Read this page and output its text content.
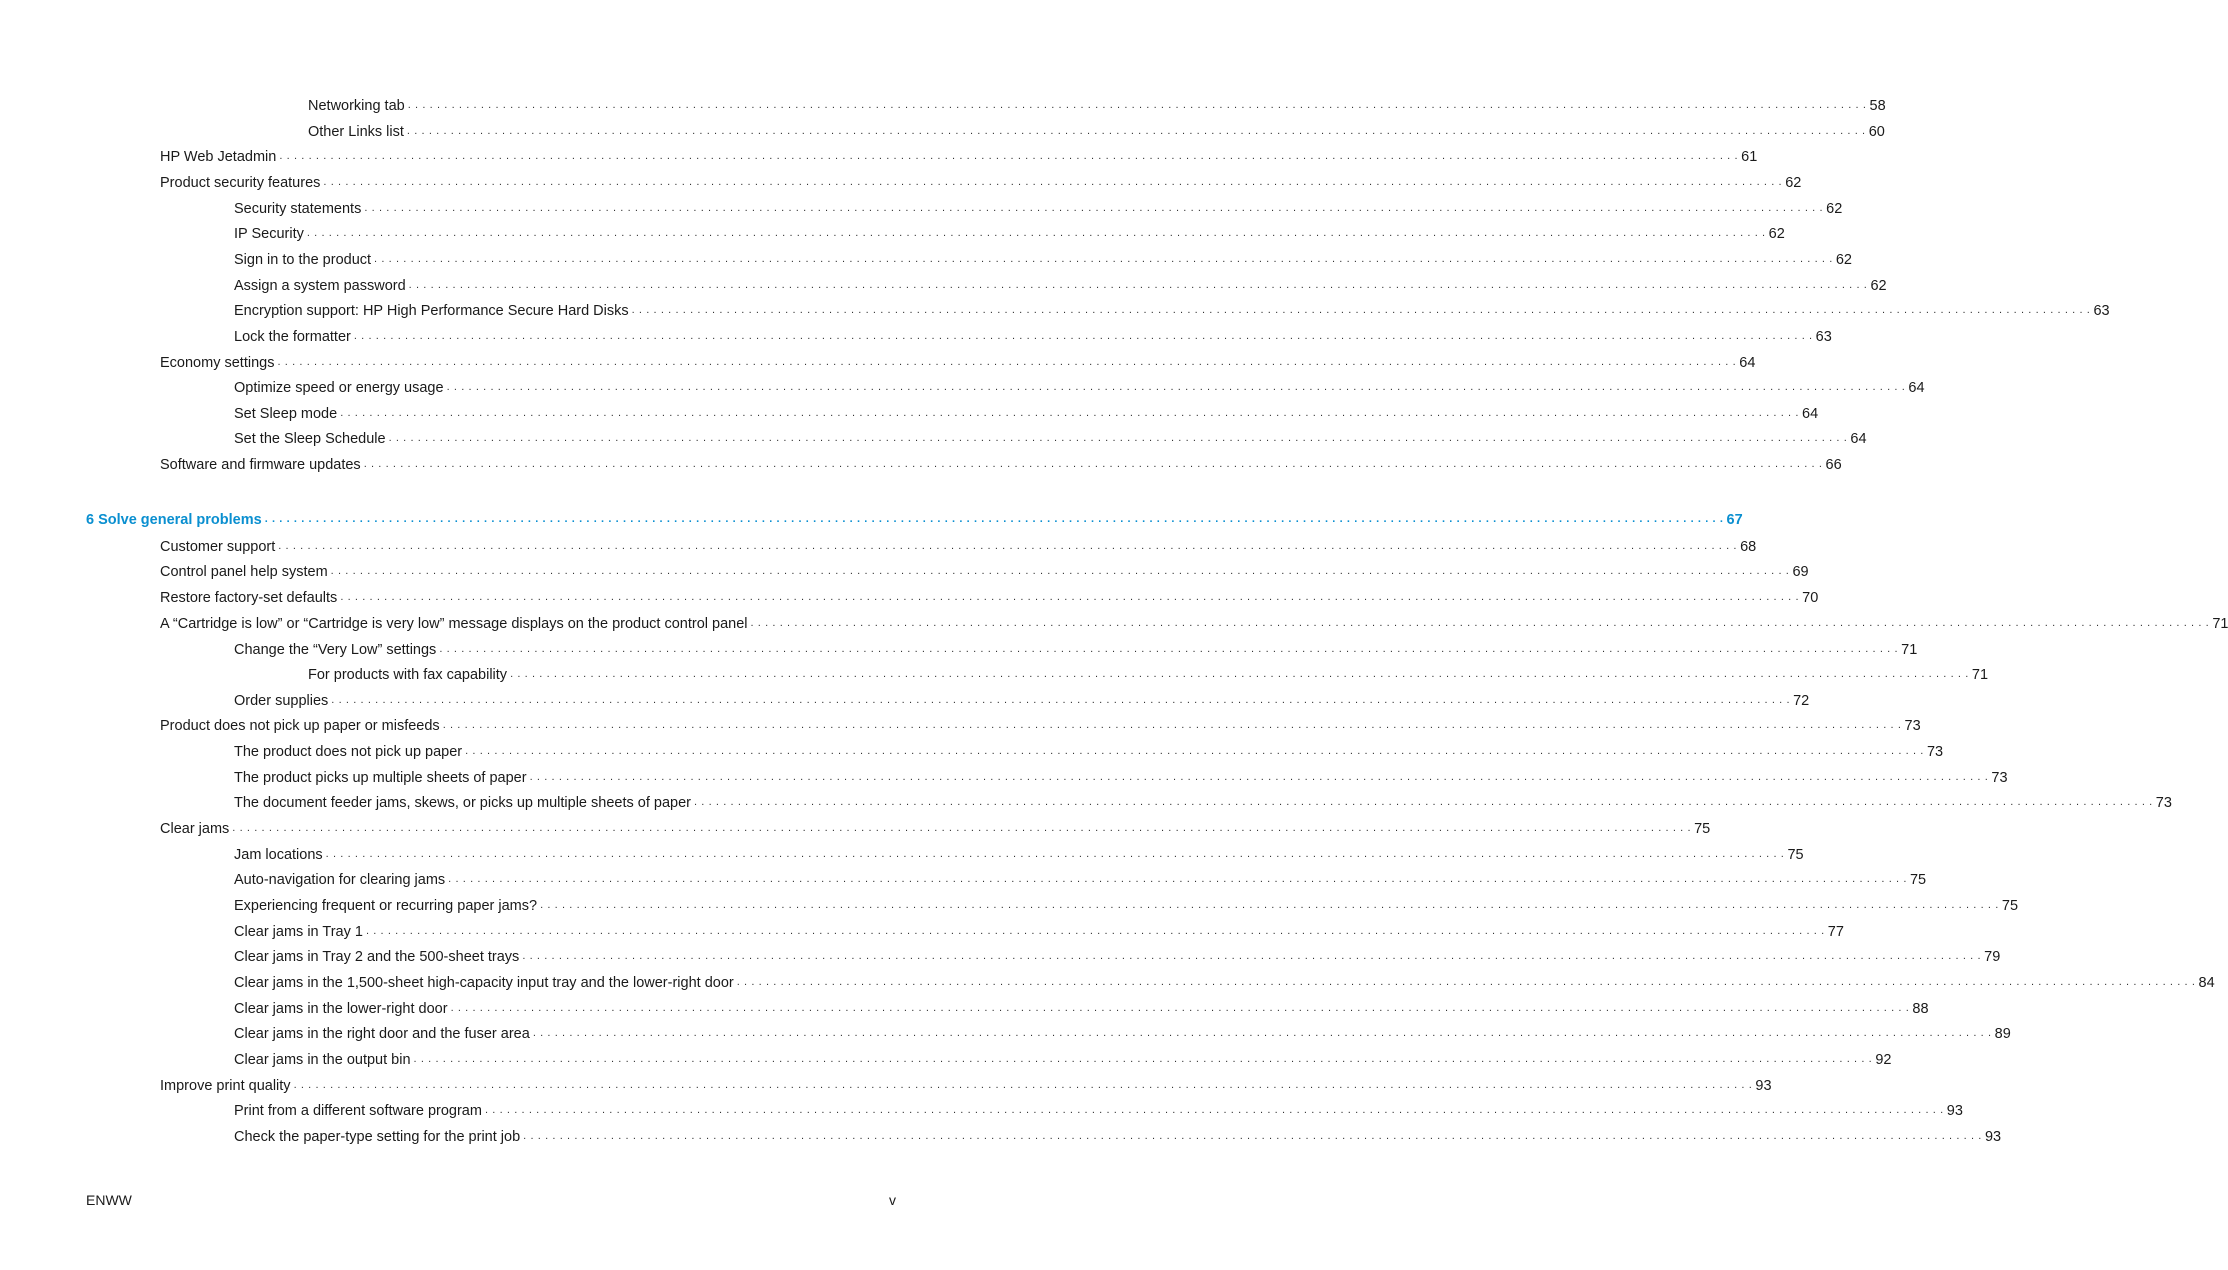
Networking tab . . . . . . . . . . . . . . . . . . . . . . . . . . . . . . . . . . . . . . . . . . . . . . . . . . . . . . . . . . . . . . . . . . . . . . . . . . . . . . . . . . . . . . . . . . . . . . . . . . . . . . . . . . . . . . . . . . . . . . . . . . . . . . . . . . . . . . . . . . . . . . . . . . . . . . . . . . . . . . . . . . . . . . . . . . . . . . . . . . . . . . . . . . . . . . . . . . . . . . . . 58
Other Links list . . . . . . . . . . . . . . . . . . . . . . . . . . . . . . . . . . . . . . . . . . . . . . . . . . . . . . . . . . . . . . . . . . . . . . . . . . . . . . . . . . . . . . . . . . . . . . . . . . . . . . . . . . . . . . . . . . . . . . . . . . . . . . . . . . . . . . . . . . . . . . . . . . . . . . . . . . . . . . . . . . . . . . . . . . . . . . . . . . . . . . . . . . . . . . . . . . . . . . . . 60
HP Web Jetadmin . . . . . . . . . . . . . . . . . . . . . . . . . . . . . . . . . . . . . . . . . . . . . . . . . . . . . . . . . . . . . . . . . . . . . . . . . . . . . . . . . . . . . . . . . . . . . . . . . . . . . . . . . . . . . . . . . . . . . . . . . . . . . . . . . . . . . . . . . . . . . . . . . . . . . . . . . . . . . . . . . . . . . . . . . . . . . . . . . . . . . . . . . . . . . . . . . . . . . . . . 61
Product security features . . . . . . . . . . . . . . . . . . . . . . . . . . . . . . . . . . . . . . . . . . . . . . . . . . . . . . . . . . . . . . . . . . . . . . . . . . . . . . . . . . . . . . . . . . . . . . . . . . . . . . . . . . . . . . . . . . . . . . . . . . . . . . . . . . . . . . . . . . . . . . . . . . . . . . . . . . . . . . . . . . . . . . . . . . . . . . . . . . . . . . . . . . . . . . . . . . . . . . . . 62
Security statements . . . . . . . . . . . . . . . . . . . . . . . . . . . . . . . . . . . . . . . . . . . . . . . . . . . . . . . . . . . . . . . . . . . . . . . . . . . . . . . . . . . . . . . . . . . . . . . . . . . . . . . . . . . . . . . . . . . . . . . . . . . . . . . . . . . . . . . . . . . . . . . . . . . . . . . . . . . . . . . . . . . . . . . . . . . . . . . . . . . . . . . . . . . . . . . . . . . . . . . . 62
IP Security . . . . . . . . . . . . . . . . . . . . . . . . . . . . . . . . . . . . . . . . . . . . . . . . . . . . . . . . . . . . . . . . . . . . . . . . . . . . . . . . . . . . . . . . . . . . . . . . . . . . . . . . . . . . . . . . . . . . . . . . . . . . . . . . . . . . . . . . . . . . . . . . . . . . . . . . . . . . . . . . . . . . . . . . . . . . . . . . . . . . . . . . . . . . . . . . . . . . . . . . 62
Sign in to the product . . . . . . . . . . . . . . . . . . . . . . . . . . . . . . . . . . . . . . . . . . . . . . . . . . . . . . . . . . . . . . . . . . . . . . . . . . . . . . . . . . . . . . . . . . . . . . . . . . . . . . . . . . . . . . . . . . . . . . . . . . . . . . . . . . . . . . . . . . . . . . . . . . . . . . . . . . . . . . . . . . . . . . . . . . . . . . . . . . . . . . . . . . . . . . . . . . . . . . . . 62
Assign a system password . . . . . . . . . . . . . . . . . . . . . . . . . . . . . . . . . . . . . . . . . . . . . . . . . . . . . . . . . . . . . . . . . . . . . . . . . . . . . . . . . . . . . . . . . . . . . . . . . . . . . . . . . . . . . . . . . . . . . . . . . . . . . . . . . . . . . . . . . . . . . . . . . . . . . . . . . . . . . . . . . . . . . . . . . . . . . . . . . . . . . . . . . . . . . . . . . . . . . . . . 62
Encryption support: HP High Performance Secure Hard Disks . . . . . . . . . . . . . . . . . . . . . . . . . . . . . . . . . . . . . . . . . . . . . . . . . . . . . . . . . . . . . . . . . . . . . . . . . . . . . . . . . . . . . . . . . . . . . . . . . . . . . . . . . . . . . . . . . . . . . . . . . . . . . . . . . . . . . . . . . . . . . . . . . . . . . . . . . . . . . . . . . . . . . . . . . . . . . . . . . . . . . . . . . . . . . . . . . . . . . . . . 63
Lock the formatter . . . . . . . . . . . . . . . . . . . . . . . . . . . . . . . . . . . . . . . . . . . . . . . . . . . . . . . . . . . . . . . . . . . . . . . . . . . . . . . . . . . . . . . . . . . . . . . . . . . . . . . . . . . . . . . . . . . . . . . . . . . . . . . . . . . . . . . . . . . . . . . . . . . . . . . . . . . . . . . . . . . . . . . . . . . . . . . . . . . . . . . . . . . . . . . . . . . . . . . . 63
Economy settings . . . . . . . . . . . . . . . . . . . . . . . . . . . . . . . . . . . . . . . . . . . . . . . . . . . . . . . . . . . . . . . . . . . . . . . . . . . . . . . . . . . . . . . . . . . . . . . . . . . . . . . . . . . . . . . . . . . . . . . . . . . . . . . . . . . . . . . . . . . . . . . . . . . . . . . . . . . . . . . . . . . . . . . . . . . . . . . . . . . . . . . . . . . . . . . . . . . . . . . . 64
Optimize speed or energy usage . . . . . . . . . . . . . . . . . . . . . . . . . . . . . . . . . . . . . . . . . . . . . . . . . . . . . . . . . . . . . . . . . . . . . . . . . . . . . . . . . . . . . . . . . . . . . . . . . . . . . . . . . . . . . . . . . . . . . . . . . . . . . . . . . . . . . . . . . . . . . . . . . . . . . . . . . . . . . . . . . . . . . . . . . . . . . . . . . . . . . . . . . . . . . . . . . . . . . . . . 64
Set Sleep mode . . . . . . . . . . . . . . . . . . . . . . . . . . . . . . . . . . . . . . . . . . . . . . . . . . . . . . . . . . . . . . . . . . . . . . . . . . . . . . . . . . . . . . . . . . . . . . . . . . . . . . . . . . . . . . . . . . . . . . . . . . . . . . . . . . . . . . . . . . . . . . . . . . . . . . . . . . . . . . . . . . . . . . . . . . . . . . . . . . . . . . . . . . . . . . . . . . . . . . . . 64
Set the Sleep Schedule . . . . . . . . . . . . . . . . . . . . . . . . . . . . . . . . . . . . . . . . . . . . . . . . . . . . . . . . . . . . . . . . . . . . . . . . . . . . . . . . . . . . . . . . . . . . . . . . . . . . . . . . . . . . . . . . . . . . . . . . . . . . . . . . . . . . . . . . . . . . . . . . . . . . . . . . . . . . . . . . . . . . . . . . . . . . . . . . . . . . . . . . . . . . . . . . . . . . . . . . 64
Software and firmware updates . . . . . . . . . . . . . . . . . . . . . . . . . . . . . . . . . . . . . . . . . . . . . . . . . . . . . . . . . . . . . . . . . . . . . . . . . . . . . . . . . . . . . . . . . . . . . . . . . . . . . . . . . . . . . . . . . . . . . . . . . . . . . . . . . . . . . . . . . . . . . . . . . . . . . . . . . . . . . . . . . . . . . . . . . . . . . . . . . . . . . . . . . . . . . . . . . . . . . . . . 66
6 Solve general problems . . . . . . . . . . . . . . . . . . . . . . . . . . . . . . . . . . . . . . . . . . . . . . . . . . . . . . . . . . . . . . . . . . . . . . . . . . . . . . . . . . . . . . . . . . . . . . . . . . . . . . . . . . . . . . . . . . . . . . . . . . . . . . . . . . . . . . . . . . . . . . . . . . . . . . . . . . . . . . . . . . . . . . . . . . . . . . . . . . . . . . . . . . . . . . . . . . . . . . . . 67
Customer support . . . . . . . . . . . . . . . . . . . . . . . . . . . . . . . . . . . . . . . . . . . . . . . . . . . . . . . . . . . . . . . . . . . . . . . . . . . . . . . . . . . . . . . . . . . . . . . . . . . . . . . . . . . . . . . . . . . . . . . . . . . . . . . . . . . . . . . . . . . . . . . . . . . . . . . . . . . . . . . . . . . . . . . . . . . . . . . . . . . . . . . . . . . . . . . . . . . . . . . . 68
Control panel help system . . . . . . . . . . . . . . . . . . . . . . . . . . . . . . . . . . . . . . . . . . . . . . . . . . . . . . . . . . . . . . . . . . . . . . . . . . . . . . . . . . . . . . . . . . . . . . . . . . . . . . . . . . . . . . . . . . . . . . . . . . . . . . . . . . . . . . . . . . . . . . . . . . . . . . . . . . . . . . . . . . . . . . . . . . . . . . . . . . . . . . . . . . . . . . . . . . . . . . . . 69
Restore factory-set defaults . . . . . . . . . . . . . . . . . . . . . . . . . . . . . . . . . . . . . . . . . . . . . . . . . . . . . . . . . . . . . . . . . . . . . . . . . . . . . . . . . . . . . . . . . . . . . . . . . . . . . . . . . . . . . . . . . . . . . . . . . . . . . . . . . . . . . . . . . . . . . . . . . . . . . . . . . . . . . . . . . . . . . . . . . . . . . . . . . . . . . . . . . . . . . . . . . . . . . . . . 70
A “Cartridge is low” or “Cartridge is very low” message displays on the product control panel . . . . . . . . . . . . . . . . . . . . . . . . . . . . . . . . . . . . . . . . . . . . . . . . . . . . . . . . . . . . . . . . . . . . . . . . . . . . . . . . . . . . . . . . . . . . . . . . . . . . . . . . . . . . . . . . . . . . . . . . . . . . . . . . . . . . . . . . . . . . . . . . . . . . . . . . . . . . . . . . . . . . . . . . . . . . . . . . . . . . . . . . . . . . . . . . . . . . . . . . 71
Change the “Very Low” settings . . . . . . . . . . . . . . . . . . . . . . . . . . . . . . . . . . . . . . . . . . . . . . . . . . . . . . . . . . . . . . . . . . . . . . . . . . . . . . . . . . . . . . . . . . . . . . . . . . . . . . . . . . . . . . . . . . . . . . . . . . . . . . . . . . . . . . . . . . . . . . . . . . . . . . . . . . . . . . . . . . . . . . . . . . . . . . . . . . . . . . . . . . . . . . . . . . . . . . . . 71
For products with fax capability . . . . . . . . . . . . . . . . . . . . . . . . . . . . . . . . . . . . . . . . . . . . . . . . . . . . . . . . . . . . . . . . . . . . . . . . . . . . . . . . . . . . . . . . . . . . . . . . . . . . . . . . . . . . . . . . . . . . . . . . . . . . . . . . . . . . . . . . . . . . . . . . . . . . . . . . . . . . . . . . . . . . . . . . . . . . . . . . . . . . . . . . . . . . . . . . . . . . . . . . 71
Order supplies . . . . . . . . . . . . . . . . . . . . . . . . . . . . . . . . . . . . . . . . . . . . . . . . . . . . . . . . . . . . . . . . . . . . . . . . . . . . . . . . . . . . . . . . . . . . . . . . . . . . . . . . . . . . . . . . . . . . . . . . . . . . . . . . . . . . . . . . . . . . . . . . . . . . . . . . . . . . . . . . . . . . . . . . . . . . . . . . . . . . . . . . . . . . . . . . . . . . . . . . 72
Product does not pick up paper or misfeeds . . . . . . . . . . . . . . . . . . . . . . . . . . . . . . . . . . . . . . . . . . . . . . . . . . . . . . . . . . . . . . . . . . . . . . . . . . . . . . . . . . . . . . . . . . . . . . . . . . . . . . . . . . . . . . . . . . . . . . . . . . . . . . . . . . . . . . . . . . . . . . . . . . . . . . . . . . . . . . . . . . . . . . . . . . . . . . . . . . . . . . . . . . . . . . . . . . . . . . . . 73
The product does not pick up paper . . . . . . . . . . . . . . . . . . . . . . . . . . . . . . . . . . . . . . . . . . . . . . . . . . . . . . . . . . . . . . . . . . . . . . . . . . . . . . . . . . . . . . . . . . . . . . . . . . . . . . . . . . . . . . . . . . . . . . . . . . . . . . . . . . . . . . . . . . . . . . . . . . . . . . . . . . . . . . . . . . . . . . . . . . . . . . . . . . . . . . . . . . . . . . . . . . . . . . . . 73
The product picks up multiple sheets of paper . . . . . . . . . . . . . . . . . . . . . . . . . . . . . . . . . . . . . . . . . . . . . . . . . . . . . . . . . . . . . . . . . . . . . . . . . . . . . . . . . . . . . . . . . . . . . . . . . . . . . . . . . . . . . . . . . . . . . . . . . . . . . . . . . . . . . . . . . . . . . . . . . . . . . . . . . . . . . . . . . . . . . . . . . . . . . . . . . . . . . . . . . . . . . . . . . . . . . . . . 73
The document feeder jams, skews, or picks up multiple sheets of paper . . . . . . . . . . . . . . . . . . . . . . . . . . . . . . . . . . . . . . . . . . . . . . . . . . . . . . . . . . . . . . . . . . . . . . . . . . . . . . . . . . . . . . . . . . . . . . . . . . . . . . . . . . . . . . . . . . . . . . . . . . . . . . . . . . . . . . . . . . . . . . . . . . . . . . . . . . . . . . . . . . . . . . . . . . . . . . . . . . . . . . . . . . . . . . . . . . . . . . . . 73
Clear jams . . . . . . . . . . . . . . . . . . . . . . . . . . . . . . . . . . . . . . . . . . . . . . . . . . . . . . . . . . . . . . . . . . . . . . . . . . . . . . . . . . . . . . . . . . . . . . . . . . . . . . . . . . . . . . . . . . . . . . . . . . . . . . . . . . . . . . . . . . . . . . . . . . . . . . . . . . . . . . . . . . . . . . . . . . . . . . . . . . . . . . . . . . . . . . . . . . . . . . . . 75
Jam locations . . . . . . . . . . . . . . . . . . . . . . . . . . . . . . . . . . . . . . . . . . . . . . . . . . . . . . . . . . . . . . . . . . . . . . . . . . . . . . . . . . . . . . . . . . . . . . . . . . . . . . . . . . . . . . . . . . . . . . . . . . . . . . . . . . . . . . . . . . . . . . . . . . . . . . . . . . . . . . . . . . . . . . . . . . . . . . . . . . . . . . . . . . . . . . . . . . . . . . . . 75
Auto-navigation for clearing jams . . . . . . . . . . . . . . . . . . . . . . . . . . . . . . . . . . . . . . . . . . . . . . . . . . . . . . . . . . . . . . . . . . . . . . . . . . . . . . . . . . . . . . . . . . . . . . . . . . . . . . . . . . . . . . . . . . . . . . . . . . . . . . . . . . . . . . . . . . . . . . . . . . . . . . . . . . . . . . . . . . . . . . . . . . . . . . . . . . . . . . . . . . . . . . . . . . . . . . . . 75
Experiencing frequent or recurring paper jams? . . . . . . . . . . . . . . . . . . . . . . . . . . . . . . . . . . . . . . . . . . . . . . . . . . . . . . . . . . . . . . . . . . . . . . . . . . . . . . . . . . . . . . . . . . . . . . . . . . . . . . . . . . . . . . . . . . . . . . . . . . . . . . . . . . . . . . . . . . . . . . . . . . . . . . . . . . . . . . . . . . . . . . . . . . . . . . . . . . . . . . . . . . . . . . . . . . . . . . . . 75
Clear jams in Tray 1 . . . . . . . . . . . . . . . . . . . . . . . . . . . . . . . . . . . . . . . . . . . . . . . . . . . . . . . . . . . . . . . . . . . . . . . . . . . . . . . . . . . . . . . . . . . . . . . . . . . . . . . . . . . . . . . . . . . . . . . . . . . . . . . . . . . . . . . . . . . . . . . . . . . . . . . . . . . . . . . . . . . . . . . . . . . . . . . . . . . . . . . . . . . . . . . . . . . . . . . . 77
Clear jams in Tray 2 and the 500-sheet trays . . . . . . . . . . . . . . . . . . . . . . . . . . . . . . . . . . . . . . . . . . . . . . . . . . . . . . . . . . . . . . . . . . . . . . . . . . . . . . . . . . . . . . . . . . . . . . . . . . . . . . . . . . . . . . . . . . . . . . . . . . . . . . . . . . . . . . . . . . . . . . . . . . . . . . . . . . . . . . . . . . . . . . . . . . . . . . . . . . . . . . . . . . . . . . . . . . . . . . . . 79
Clear jams in the 1,500-sheet high-capacity input tray and the lower-right door . . . . . . . . . . . . . . . . . . . . . . . . . . . . . . . . . . . . . . . . . . . . . . . . . . . . . . . . . . . . . . . . . . . . . . . . . . . . . . . . . . . . . . . . . . . . . . . . . . . . . . . . . . . . . . . . . . . . . . . . . . . . . . . . . . . . . . . . . . . . . . . . . . . . . . . . . . . . . . . . . . . . . . . . . . . . . . . . . . . . . . . . . . . . . . . . . . . . . . . . 84
Clear jams in the lower-right door . . . . . . . . . . . . . . . . . . . . . . . . . . . . . . . . . . . . . . . . . . . . . . . . . . . . . . . . . . . . . . . . . . . . . . . . . . . . . . . . . . . . . . . . . . . . . . . . . . . . . . . . . . . . . . . . . . . . . . . . . . . . . . . . . . . . . . . . . . . . . . . . . . . . . . . . . . . . . . . . . . . . . . . . . . . . . . . . . . . . . . . . . . . . . . . . . . . . . . . . 88
Clear jams in the right door and the fuser area . . . . . . . . . . . . . . . . . . . . . . . . . . . . . . . . . . . . . . . . . . . . . . . . . . . . . . . . . . . . . . . . . . . . . . . . . . . . . . . . . . . . . . . . . . . . . . . . . . . . . . . . . . . . . . . . . . . . . . . . . . . . . . . . . . . . . . . . . . . . . . . . . . . . . . . . . . . . . . . . . . . . . . . . . . . . . . . . . . . . . . . . . . . . . . . . . . . . . . . . 89
Clear jams in the output bin . . . . . . . . . . . . . . . . . . . . . . . . . . . . . . . . . . . . . . . . . . . . . . . . . . . . . . . . . . . . . . . . . . . . . . . . . . . . . . . . . . . . . . . . . . . . . . . . . . . . . . . . . . . . . . . . . . . . . . . . . . . . . . . . . . . . . . . . . . . . . . . . . . . . . . . . . . . . . . . . . . . . . . . . . . . . . . . . . . . . . . . . . . . . . . . . . . . . . . . . 92
Improve print quality . . . . . . . . . . . . . . . . . . . . . . . . . . . . . . . . . . . . . . . . . . . . . . . . . . . . . . . . . . . . . . . . . . . . . . . . . . . . . . . . . . . . . . . . . . . . . . . . . . . . . . . . . . . . . . . . . . . . . . . . . . . . . . . . . . . . . . . . . . . . . . . . . . . . . . . . . . . . . . . . . . . . . . . . . . . . . . . . . . . . . . . . . . . . . . . . . . . . . . . . 93
Print from a different software program . . . . . . . . . . . . . . . . . . . . . . . . . . . . . . . . . . . . . . . . . . . . . . . . . . . . . . . . . . . . . . . . . . . . . . . . . . . . . . . . . . . . . . . . . . . . . . . . . . . . . . . . . . . . . . . . . . . . . . . . . . . . . . . . . . . . . . . . . . . . . . . . . . . . . . . . . . . . . . . . . . . . . . . . . . . . . . . . . . . . . . . . . . . . . . . . . . . . . . . . 93
Check the paper-type setting for the print job . . . . . . . . . . . . . . . . . . . . . . . . . . . . . . . . . . . . . . . . . . . . . . . . . . . . . . . . . . . . . . . . . . . . . . . . . . . . . . . . . . . . . . . . . . . . . . . . . . . . . . . . . . . . . . . . . . . . . . . . . . . . . . . . . . . . . . . . . . . . . . . . . . . . . . . . . . . . . . . . . . . . . . . . . . . . . . . . . . . . . . . . . . . . . . . . . . . . . . . . 93
ENWW	v
